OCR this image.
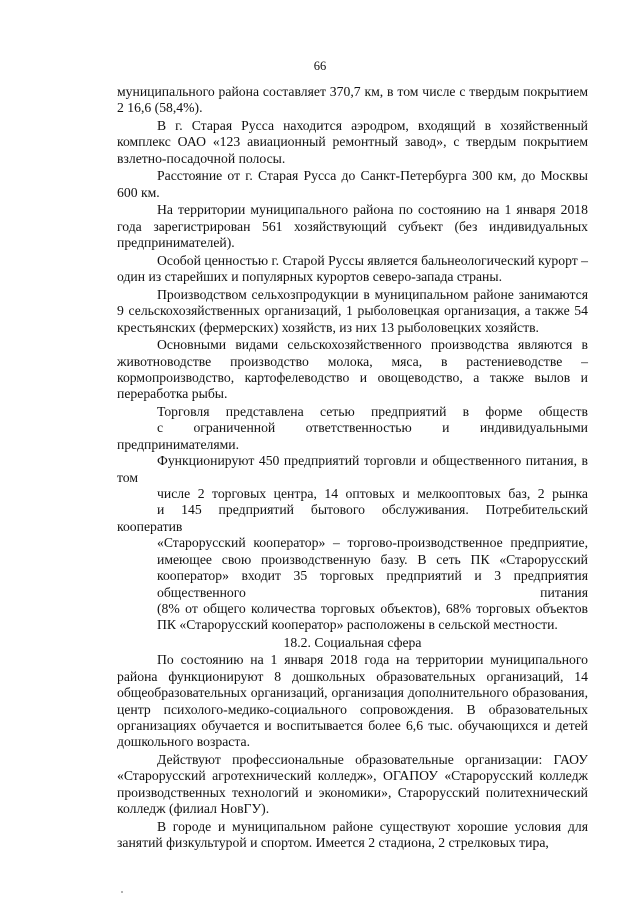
66

муниципального района составляет 370,7 км, в том числе с твердым покрытием 2 16,6 (58,4%).

В г. Старая Русса находится аэродром, входящий в хозяйственный комплекс ОАО «123 авиационный ремонтный завод», с твердым покрытием взлетно-посадочной полосы.

Расстояние от г. Старая Русса до Санкт-Петербурга 300 км, до Москвы 600 км.

На территории муниципального района по состоянию на 1 января 2018 года зарегистрирован 561 хозяйствующий субъект (без индивидуальных предпринимателей).

Особой ценностью г. Старой Руссы является бальнеологический курорт – один из старейших и популярных курортов северо-запада страны.

Производством сельхозпродукции в муниципальном районе занимаются 9 сельскохозяйственных организаций, 1 рыболовецкая организация, а также 54 крестьянских (фермерских) хозяйств, из них 13 рыболовецких хозяйств.

Основными видами сельскохозяйственного производства являются в животноводстве производство молока, мяса, в растениеводстве – кормопроизводство, картофелеводство и овощеводство, а также вылов и переработка рыбы.

Торговля представлена сетью предприятий в форме обществ
с ограниченной ответственностью и индивидуальными предпринимателями.
Функционируют 450 предприятий торговли и общественного питания, в том
числе 2 торговых центра, 14 оптовых и мелкооптовых баз, 2 рынка
и 145 предприятий бытового обслуживания. Потребительский кооператив
«Старорусский кооператор» – торгово-производственное предприятие,
имеющее свою производственную базу. В сеть ПК «Старорусский
кооператор» входит 35 торговых предприятий и 3 предприятия
общественного питания
(8% от общего количества торговых объектов), 68% торговых объектов
ПК «Старорусский кооператор» расположены в сельской местности.

18.2. Социальная сфера

По состоянию на 1 января 2018 года на территории муниципального района функционируют 8 дошкольных образовательных организаций, 14 общеобразовательных организаций, организация дополнительного образования, центр психолого-медико-социального сопровождения. В образовательных организациях обучается и воспитывается более 6,6 тыс. обучающихся и детей дошкольного возраста.

Действуют профессиональные образовательные организации: ГАОУ «Старорусский агротехнический колледж», ОГАПОУ «Старорусский колледж производственных технологий и экономики», Старорусский политехнический колледж (филиал НовГУ).

В городе и муниципальном районе существуют хорошие условия для занятий физкультурой и спортом. Имеется 2 стадиона, 2 стрелковых тира,
